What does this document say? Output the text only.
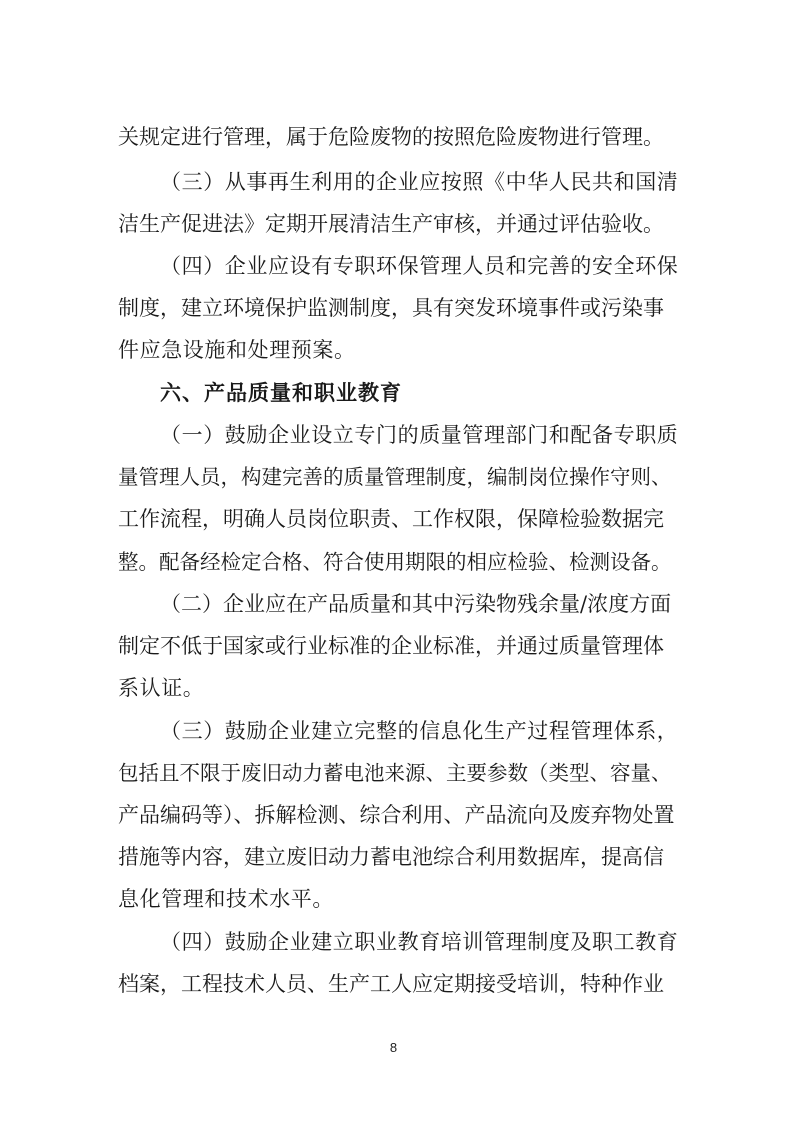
关规定进行管理，属于危险废物的按照危险废物进行管理。
（三）从事再生利用的企业应按照《中华人民共和国清
洁生产促进法》定期开展清洁生产审核，并通过评估验收。
（四）企业应设有专职环保管理人员和完善的安全环保
制度，建立环境保护监测制度，具有突发环境事件或污染事
件应急设施和处理预案。
六、产品质量和职业教育
（一）鼓励企业设立专门的质量管理部门和配备专职质
量管理人员，构建完善的质量管理制度，编制岗位操作守则、
工作流程，明确人员岗位职责、工作权限，保障检验数据完
整。配备经检定合格、符合使用期限的相应检验、检测设备。
（二）企业应在产品质量和其中污染物残余量/浓度方面
制定不低于国家或行业标准的企业标准，并通过质量管理体
系认证。
（三）鼓励企业建立完整的信息化生产过程管理体系，
包括且不限于废旧动力蓄电池来源、主要参数（类型、容量、
产品编码等）、拆解检测、综合利用、产品流向及废弃物处置
措施等内容，建立废旧动力蓄电池综合利用数据库，提高信
息化管理和技术水平。
（四）鼓励企业建立职业教育培训管理制度及职工教育
档案，工程技术人员、生产工人应定期接受培训，特种作业
8
